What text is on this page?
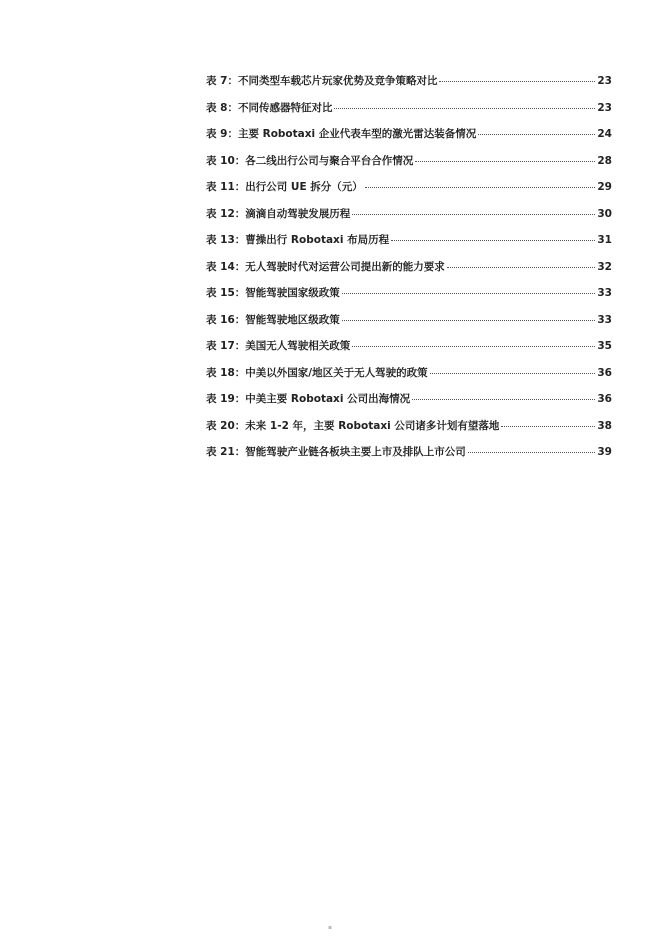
表 7：不同类型车载芯片玩家优势及竞争策略对比	23
表 8：不同传感器特征对比	23
表 9：主要 Robotaxi 企业代表车型的激光雷达装备情况	24
表 10：各二线出行公司与聚合平台合作情况	28
表 11：出行公司 UE 拆分（元）	29
表 12：滴滴自动驾驶发展历程	30
表 13：曹操出行 Robotaxi 布局历程	31
表 14：无人驾驶时代对运营公司提出新的能力要求	32
表 15：智能驾驶国家级政策	33
表 16：智能驾驶地区级政策	33
表 17：美国无人驾驶相关政策	35
表 18：中美以外国家/地区关于无人驾驶的政策	36
表 19：中美主要 Robotaxi 公司出海情况	36
表 20：未来 1-2 年，主要 Robotaxi 公司诸多计划有望落地	38
表 21：智能驾驶产业链各板块主要上市及排队上市公司	39
▪
